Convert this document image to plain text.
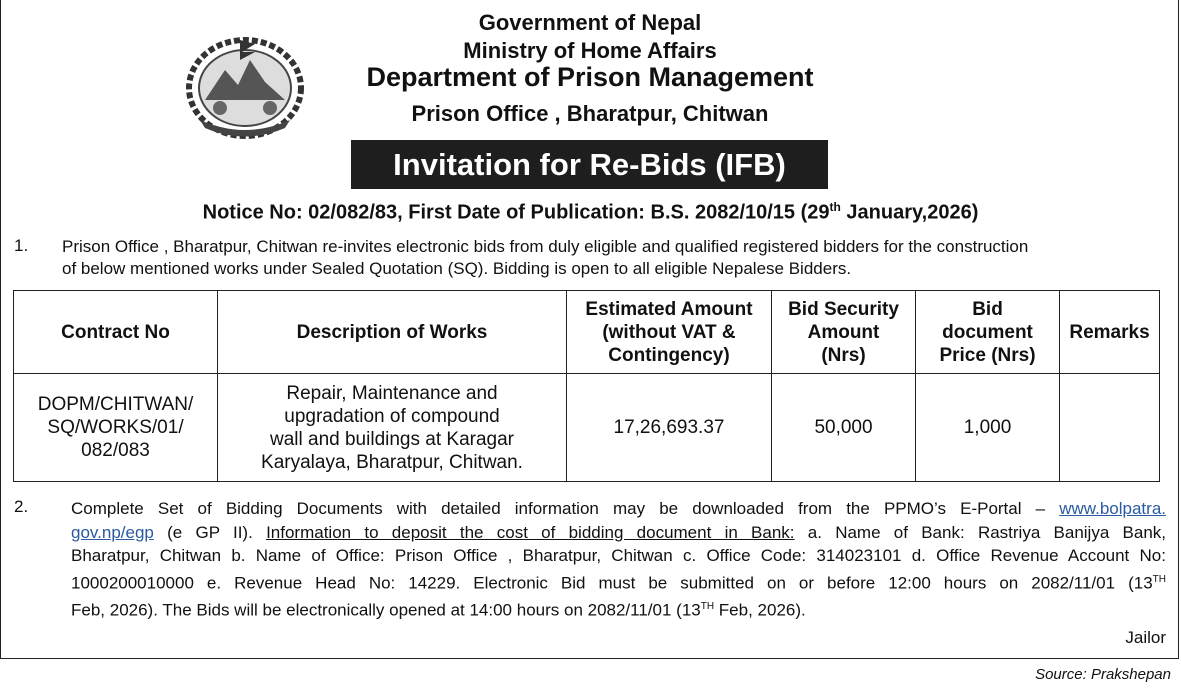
Government of Nepal
Ministry of Home Affairs
Department of Prison Management
Prison Office , Bharatpur, Chitwan
Invitation for Re-Bids (IFB)
Notice No: 02/082/83, First Date of Publication: B.S. 2082/10/15 (29th January,2026)
1. Prison Office , Bharatpur, Chitwan re-invites electronic bids from duly eligible and qualified registered bidders for the construction
of below mentioned works under Sealed Quotation (SQ). Bidding is open to all eligible Nepalese Bidders.
Contract No	Description of Works	Estimated Amount
(without VAT &
Contingency)	Bid Security
Amount
(Nrs)	Bid
document
Price (Nrs)	Remarks
DOPM/CHITWAN/
SQ/WORKS/01/
082/083	Repair, Maintenance and
upgradation of compound
wall and buildings at Karagar
Karyalaya, Bharatpur, Chitwan.	17,26,693.37	50,000	1,000	
2.	Complete Set of Bidding Documents with detailed information may be downloaded from the PPMO’s E-Portal – www.bolpatra.
gov.np/egp (e GP II). Information to deposit the cost of bidding document in Bank: a. Name of Bank: Rastriya Banijya Bank,
Bharatpur, Chitwan b. Name of Office: Prison Office , Bharatpur, Chitwan c. Office Code: 314023101 d. Office Revenue Account No:
1000200010000 e. Revenue Head No: 14229. Electronic Bid must be submitted on or before 12:00 hours on 2082/11/01 (13TH
Feb, 2026). The Bids will be electronically opened at 14:00 hours on 2082/11/01 (13TH Feb, 2026).
Jailor
Source: Prakshepan
